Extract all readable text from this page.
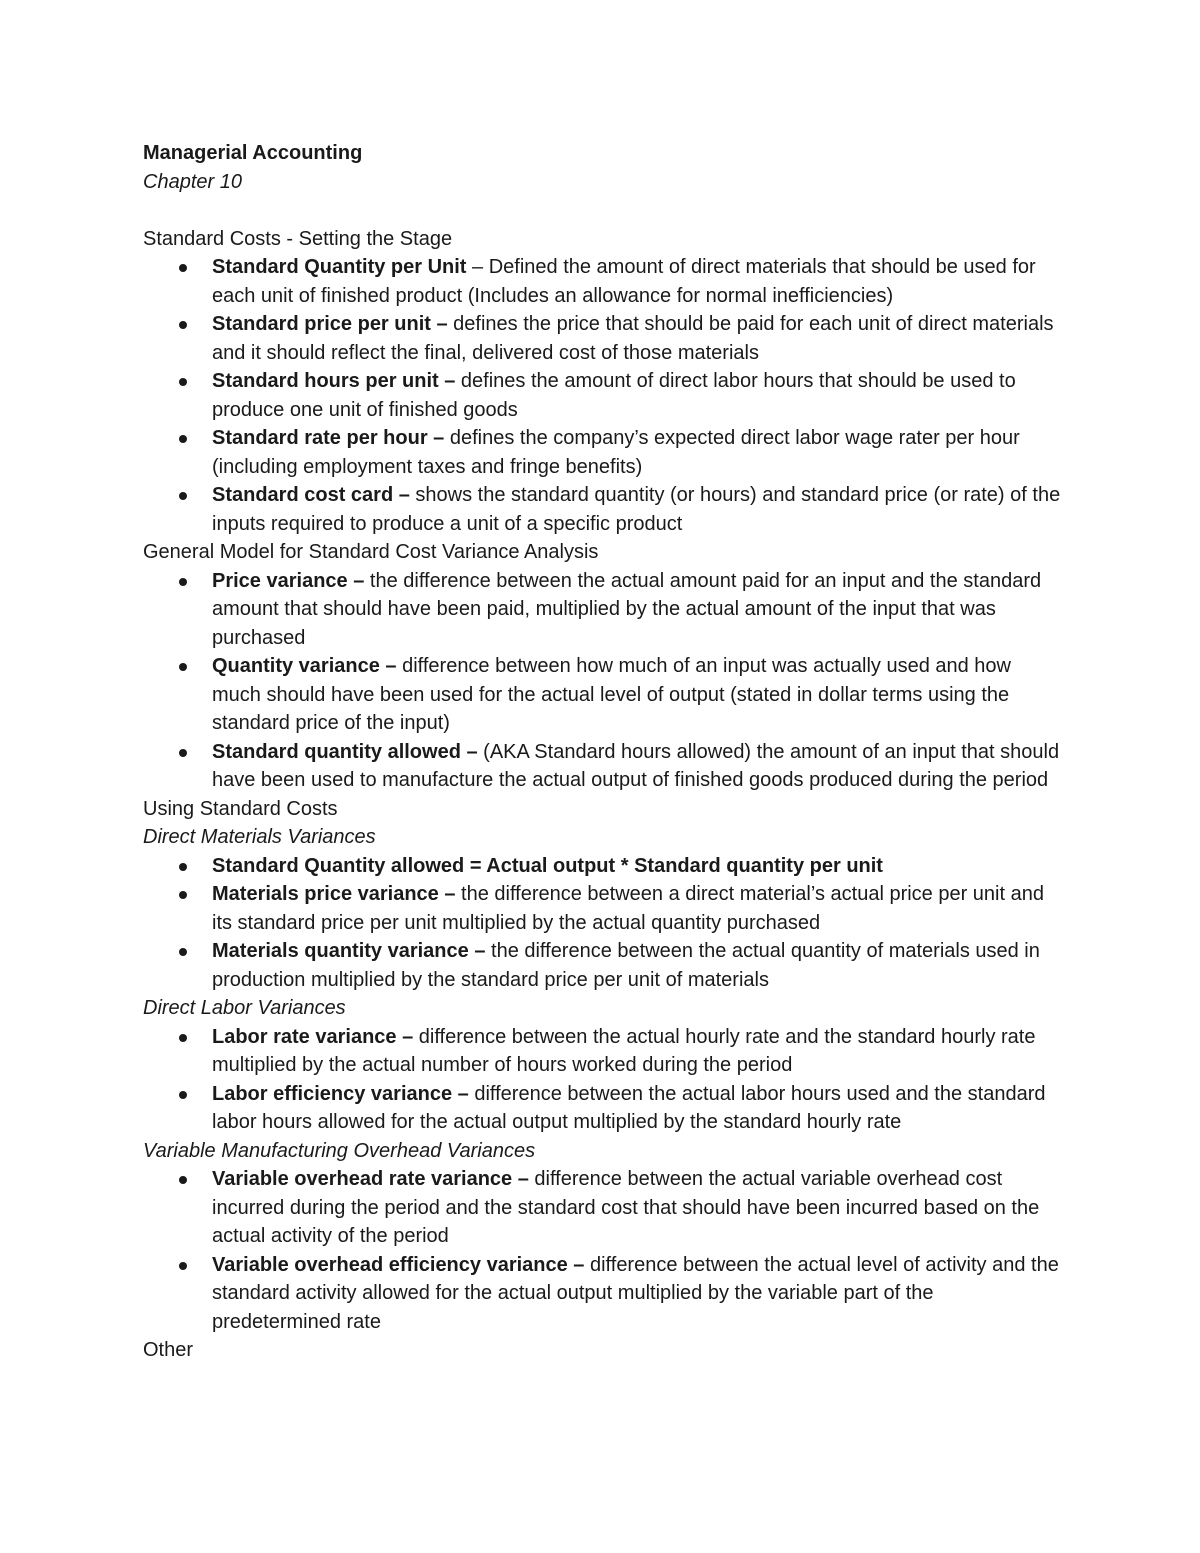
Managerial Accounting

Chapter 10

Standard Costs - Setting the Stage

Standard Quantity per Unit – Defined the amount of direct materials that should be used for each unit of finished product (Includes an allowance for normal inefficiencies)
Standard price per unit – defines the price that should be paid for each unit of direct materials and it should reflect the final, delivered cost of those materials
Standard hours per unit – defines the amount of direct labor hours that should be used to produce one unit of finished goods
Standard rate per hour – defines the company’s expected direct labor wage rater per hour (including employment taxes and fringe benefits)
Standard cost card – shows the standard quantity (or hours) and standard price (or rate) of the inputs required to produce a unit of a specific product

General Model for Standard Cost Variance Analysis

Price variance – the difference between the actual amount paid for an input and the standard amount that should have been paid, multiplied by the actual amount of the input that was purchased
Quantity variance – difference between how much of an input was actually used and how much should have been used for the actual level of output (stated in dollar terms using the standard price of the input)
Standard quantity allowed – (AKA Standard hours allowed) the amount of an input that should have been used to manufacture the actual output of finished goods produced during the period

Using Standard Costs

Direct Materials Variances

Standard Quantity allowed = Actual output * Standard quantity per unit
Materials price variance – the difference between a direct material’s actual price per unit and its standard price per unit multiplied by the actual quantity purchased
Materials quantity variance – the difference between the actual quantity of materials used in production multiplied by the standard price per unit of materials

Direct Labor Variances

Labor rate variance – difference between the actual hourly rate and the standard hourly rate multiplied by the actual number of hours worked during the period
Labor efficiency variance – difference between the actual labor hours used and the standard labor hours allowed for the actual output multiplied by the standard hourly rate

Variable Manufacturing Overhead Variances

Variable overhead rate variance – difference between the actual variable overhead cost incurred during the period and the standard cost that should have been incurred based on the actual activity of the period
Variable overhead efficiency variance – difference between the actual level of activity and the standard activity allowed for the actual output multiplied by the variable part of the predetermined rate

Other
